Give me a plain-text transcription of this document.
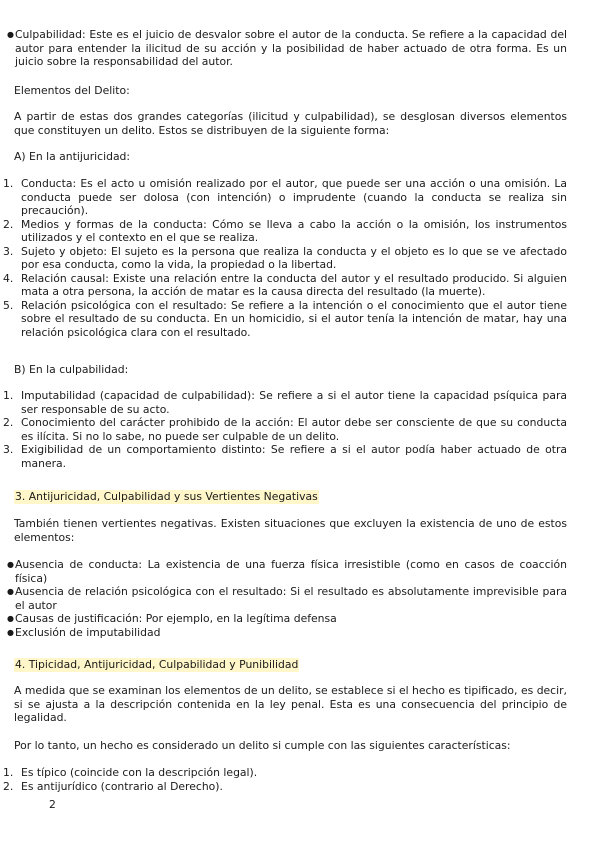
● Culpabilidad: Este es el juicio de desvalor sobre el autor de la conducta. Se refiere a la capacidad del autor para entender la ilicitud de su acción y la posibilidad de haber actuado de otra forma. Es un juicio sobre la responsabilidad del autor.

Elementos del Delito:

A partir de estas dos grandes categorías (ilicitud y culpabilidad), se desglosan diversos elementos que constituyen un delito. Estos se distribuyen de la siguiente forma:

A) En la antijuricidad:

1. Conducta: Es el acto u omisión realizado por el autor, que puede ser una acción o una omisión. La conducta puede ser dolosa (con intención) o imprudente (cuando la conducta se realiza sin precaución).
2. Medios y formas de la conducta: Cómo se lleva a cabo la acción o la omisión, los instrumentos utilizados y el contexto en el que se realiza.
3. Sujeto y objeto: El sujeto es la persona que realiza la conducta y el objeto es lo que se ve afectado por esa conducta, como la vida, la propiedad o la libertad.
4. Relación causal: Existe una relación entre la conducta del autor y el resultado producido. Si alguien mata a otra persona, la acción de matar es la causa directa del resultado (la muerte).
5. Relación psicológica con el resultado: Se refiere a la intención o el conocimiento que el autor tiene sobre el resultado de su conducta. En un homicidio, si el autor tenía la intención de matar, hay una relación psicológica clara con el resultado.

B) En la culpabilidad:

1. Imputabilidad (capacidad de culpabilidad): Se refiere a si el autor tiene la capacidad psíquica para ser responsable de su acto.
2. Conocimiento del carácter prohibido de la acción: El autor debe ser consciente de que su conducta es ilícita. Si no lo sabe, no puede ser culpable de un delito.
3. Exigibilidad de un comportamiento distinto: Se refiere a si el autor podía haber actuado de otra manera.

3. Antijuricidad, Culpabilidad y sus Vertientes Negativas

También tienen vertientes negativas. Existen situaciones que excluyen la existencia de uno de estos elementos:

● Ausencia de conducta: La existencia de una fuerza física irresistible (como en casos de coacción física)
● Ausencia de relación psicológica con el resultado: Si el resultado es absolutamente imprevisible para el autor
● Causas de justificación: Por ejemplo, en la legítima defensa
● Exclusión de imputabilidad

4. Tipicidad, Antijuricidad, Culpabilidad y Punibilidad

A medida que se examinan los elementos de un delito, se establece si el hecho es tipificado, es decir, si se ajusta a la descripción contenida en la ley penal. Esta es una consecuencia del principio de legalidad.

Por lo tanto, un hecho es considerado un delito si cumple con las siguientes características:

1. Es típico (coincide con la descripción legal).
2. Es antijurídico (contrario al Derecho).
2
